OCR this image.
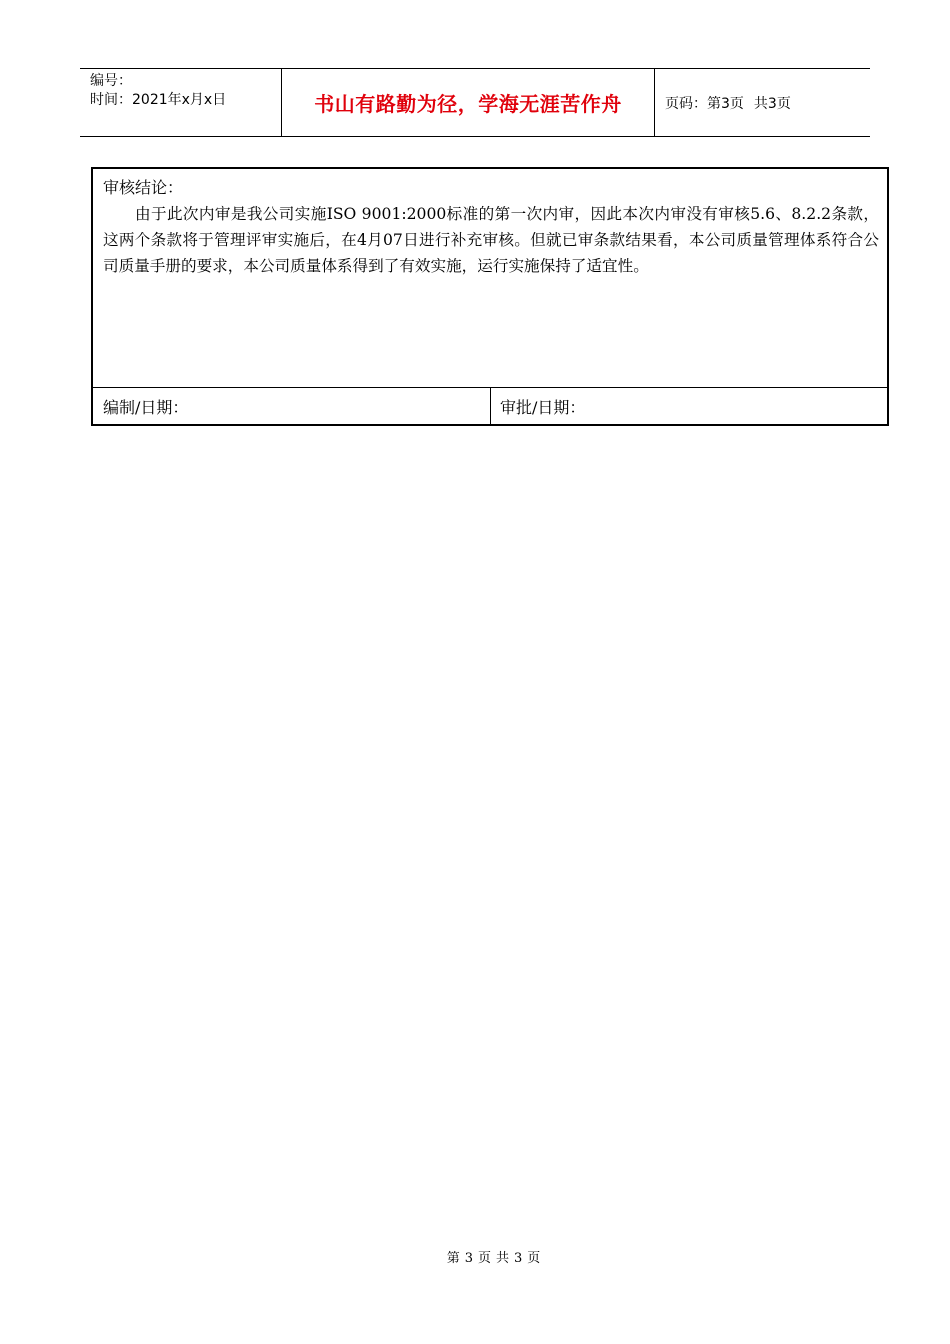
编号：
时间：2021年x月x日	书山有路勤为径，学海无涯苦作舟	页码：第3页 共3页
审核结论：
由于此次内审是我公司实施ISO 9001:2000标准的第一次内审，因此本次内审没有审核5.6、8.2.2条款，这两个条款将于管理评审实施后，在4月07日进行补充审核。但就已审条款结果看，本公司质量管理体系符合公司质量手册的要求，本公司质量体系得到了有效实施，运行实施保持了适宜性。
编制/日期：	审批/日期：
第 3 页 共 3 页
